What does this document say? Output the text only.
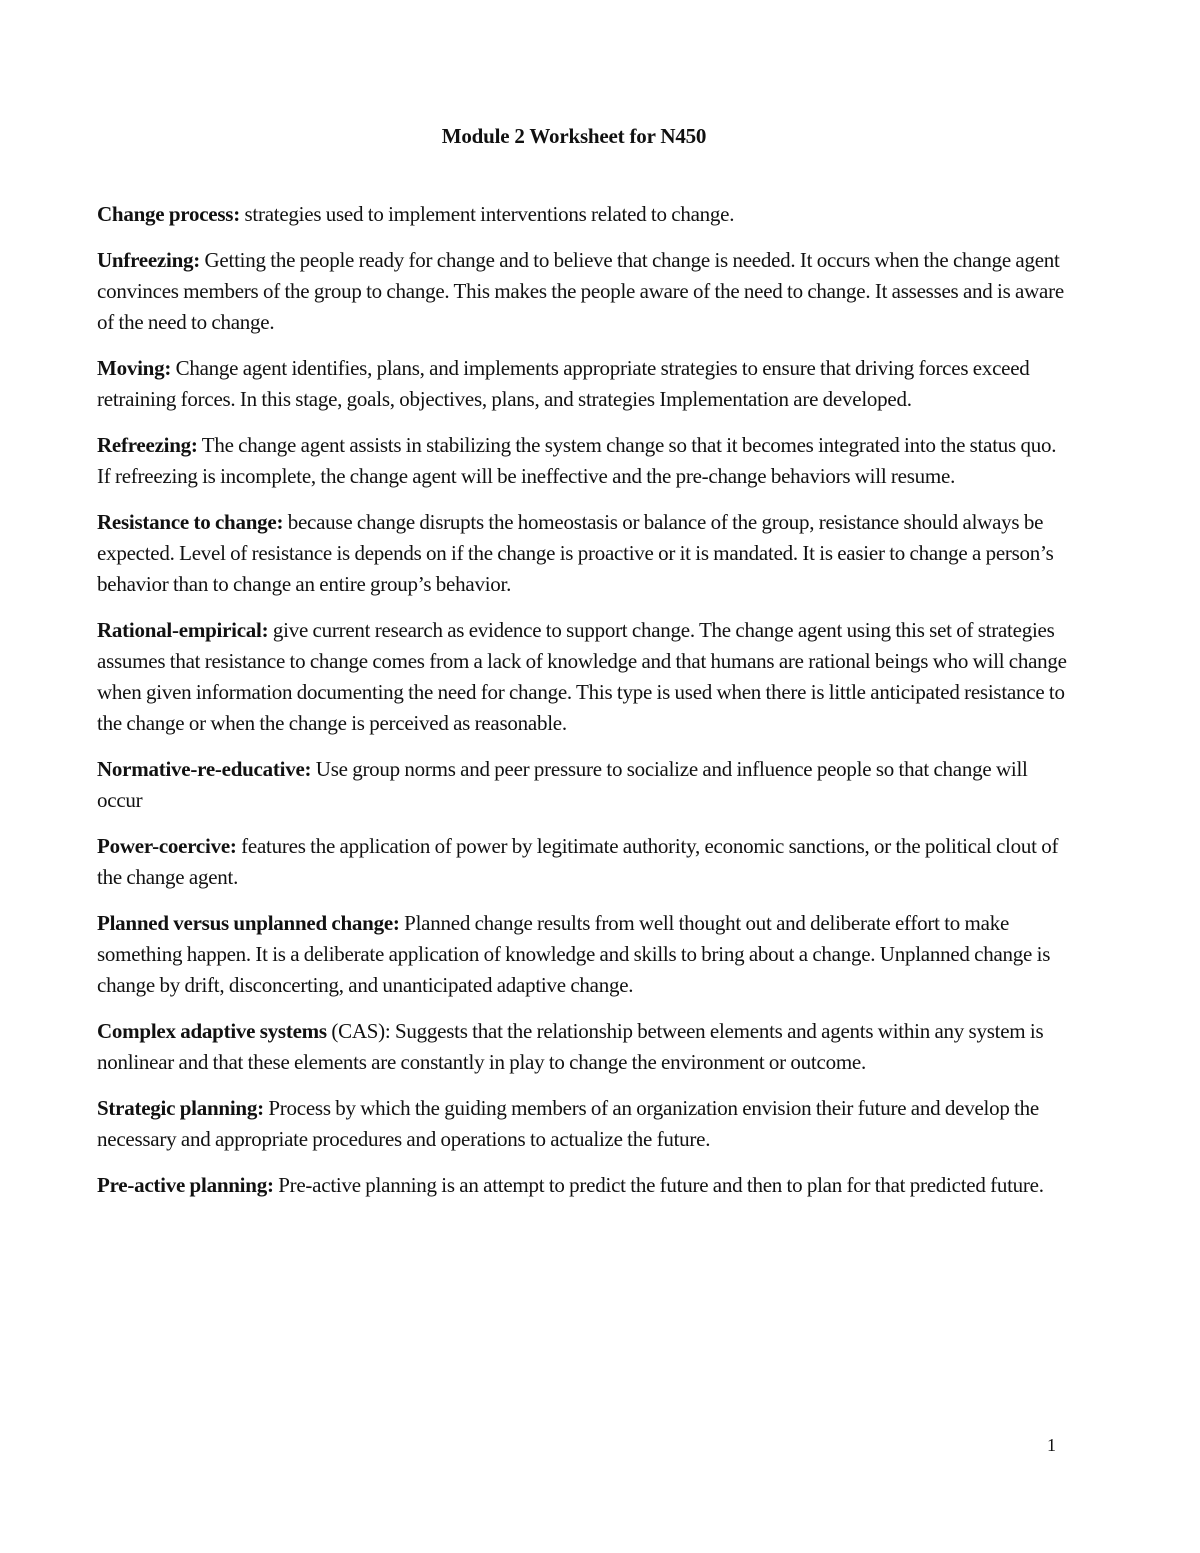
Module 2 Worksheet for N450

Change process: strategies used to implement interventions related to change.

Unfreezing: Getting the people ready for change and to believe that change is needed. It occurs when the change agent convinces members of the group to change. This makes the people aware of the need to change. It assesses and is aware of the need to change.

Moving: Change agent identifies, plans, and implements appropriate strategies to ensure that driving forces exceed retraining forces. In this stage, goals, objectives, plans, and strategies Implementation are developed.

Refreezing: The change agent assists in stabilizing the system change so that it becomes integrated into the status quo. If refreezing is incomplete, the change agent will be ineffective and the pre-change behaviors will resume.

Resistance to change: because change disrupts the homeostasis or balance of the group, resistance should always be expected. Level of resistance is depends on if the change is proactive or it is mandated. It is easier to change a person’s behavior than to change an entire group’s behavior.

Rational-empirical: give current research as evidence to support change. The change agent using this set of strategies assumes that resistance to change comes from a lack of knowledge and that humans are rational beings who will change when given information documenting the need for change. This type is used when there is little anticipated resistance to the change or when the change is perceived as reasonable.

Normative-re-educative: Use group norms and peer pressure to socialize and influence people so that change will occur

Power-coercive: features the application of power by legitimate authority, economic sanctions, or the political clout of the change agent.

Planned versus unplanned change: Planned change results from well thought out and deliberate effort to make something happen. It is a deliberate application of knowledge and skills to bring about a change. Unplanned change is change by drift, disconcerting, and unanticipated adaptive change.

Complex adaptive systems (CAS): Suggests that the relationship between elements and agents within any system is nonlinear and that these elements are constantly in play to change the environment or outcome.

Strategic planning: Process by which the guiding members of an organization envision their future and develop the necessary and appropriate procedures and operations to actualize the future.

Pre-active planning: Pre-active planning is an attempt to predict the future and then to plan for that predicted future.

1
